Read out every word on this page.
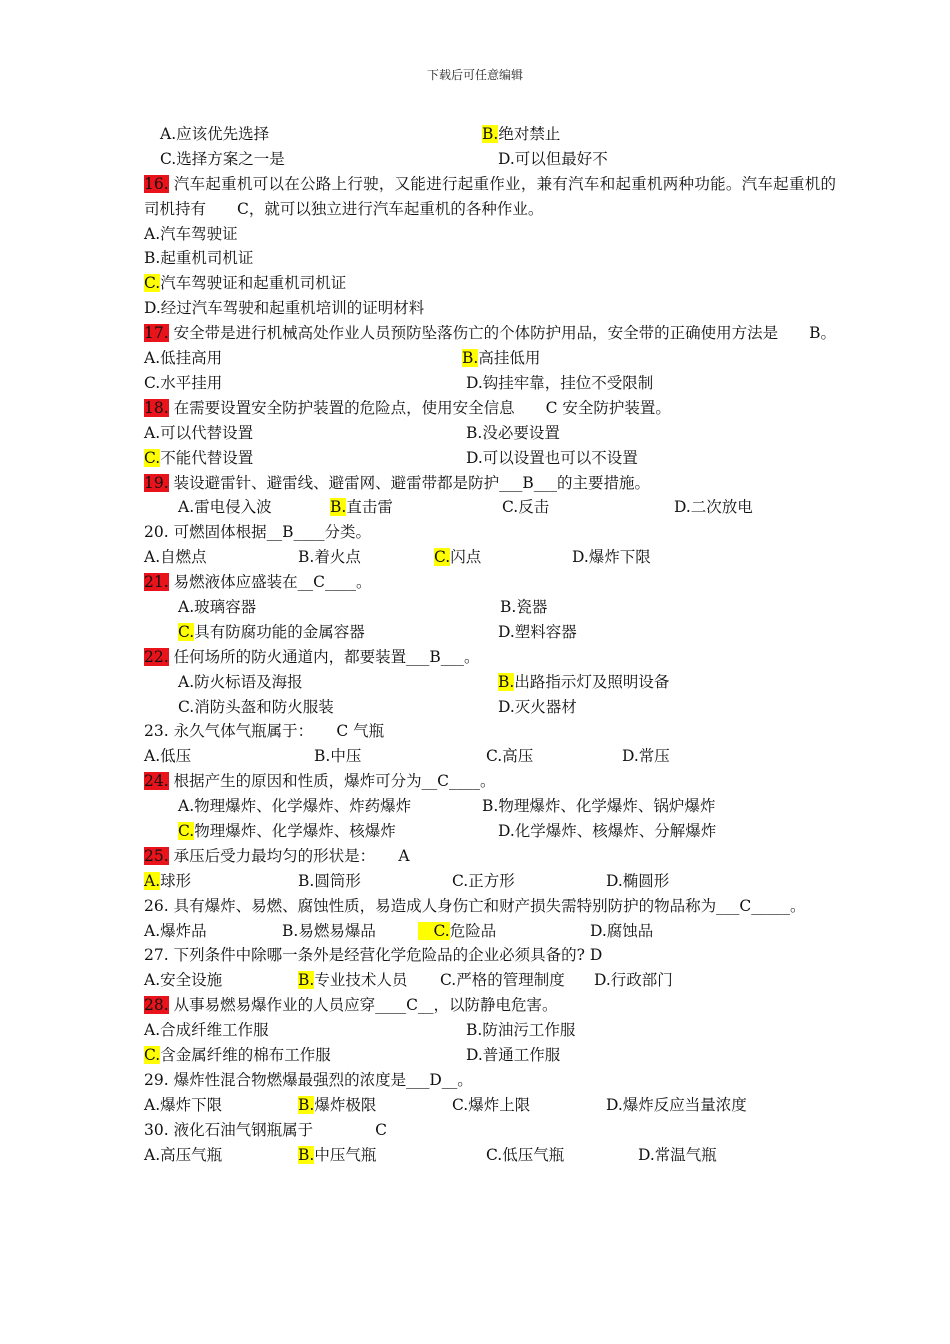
下载后可任意编辑
A.应该优先选择	B.绝对禁止
C.选择方案之一是	D.可以但最好不
16. 汽车起重机可以在公路上行驶，又能进行起重作业，兼有汽车和起重机两种功能。汽车起重机的司机持有　　C，就可以独立进行汽车起重机的各种作业。
A.汽车驾驶证
B.起重机司机证
C.汽车驾驶证和起重机司机证
D.经过汽车驾驶和起重机培训的证明材料
17. 安全带是进行机械高处作业人员预防坠落伤亡的个体防护用品，安全带的正确使用方法是　　B。
A.低挂高用	B.高挂低用
C.水平挂用	D.钩挂牢靠，挂位不受限制
18. 在需要设置安全防护装置的危险点，使用安全信息　　C 安全防护装置。
A.可以代替设置	B.没必要设置
C.不能代替设置	D.可以设置也可以不设置
19. 装设避雷针、避雷线、避雷网、避雷带都是防护___B___的主要措施。
A.雷电侵入波	B.直击雷	C.反击	D.二次放电
20. 可燃固体根据__B____分类。
A.自燃点	B.着火点	C.闪点	D.爆炸下限
21. 易燃液体应盛装在__C____。
A.玻璃容器	B.瓷器
C.具有防腐功能的金属容器	D.塑料容器
22. 任何场所的防火通道内，都要装置___B___。
A.防火标语及海报	B.出路指示灯及照明设备
C.消防头盔和防火服装	D.灭火器材
23. 永久气体气瓶属于：　　C 气瓶
A.低压	B.中压	C.高压	D.常压
24. 根据产生的原因和性质，爆炸可分为__C____。
A.物理爆炸、化学爆炸、炸药爆炸	B.物理爆炸、化学爆炸、锅炉爆炸
C.物理爆炸、化学爆炸、核爆炸	D.化学爆炸、核爆炸、分解爆炸
25. 承压后受力最均匀的形状是：　　A
A.球形	B.圆筒形	C.正方形	D.椭圆形
26. 具有爆炸、易燃、腐蚀性质，易造成人身伤亡和财产损失需特别防护的物品称为___C_____。
A.爆炸品	B.易燃易爆品	　C.危险品	D.腐蚀品
27. 下列条件中除哪一条外是经营化学危险品的企业必须具备的? D
A.安全设施	B.专业技术人员 C.严格的管理制度 D.行政部门
28. 从事易燃易爆作业的人员应穿____C__，以防静电危害。
A.合成纤维工作服	B.防油污工作服
C.含金属纤维的棉布工作服	D.普通工作服
29. 爆炸性混合物燃爆最强烈的浓度是___D__。
A.爆炸下限	B.爆炸极限	C.爆炸上限	D.爆炸反应当量浓度
30. 液化石油气钢瓶属于　　　　C
A.高压气瓶	B.中压气瓶	C.低压气瓶	D.常温气瓶
